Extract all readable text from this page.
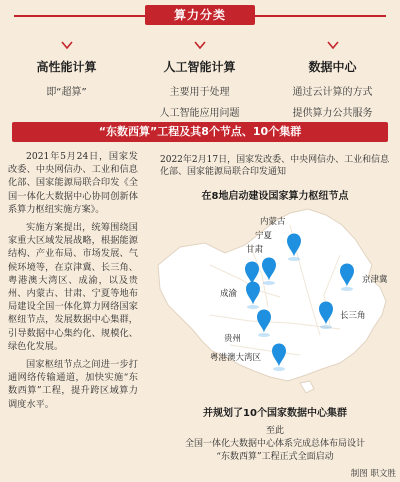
算力分类
高性能计算
即“超算”
人工智能计算
主要用于处理
人工智能应用问题
数据中心
通过云计算的方式
提供算力公共服务
“东数西算”工程及其8个节点、10个集群

2021年5月24日，国家发改委、中央网信办、工业和信息化部、国家能源局联合印发《全国一体化大数据中心协同创新体系算力枢纽实施方案》。

实施方案提出，统筹围绕国家重大区域发展战略，根据能源结构、产业布局、市场发展、气候环境等，在京津冀、长三角、粤港澳大湾区、成渝，以及贵州、内蒙古、甘肃、宁夏等地布局建设全国一体化算力网络国家枢纽节点，发展数据中心集群，引导数据中心集约化、规模化、绿色化发展。

国家枢纽节点之间进一步打通网络传输通道，加快实施“东数西算”工程，提升跨区域算力调度水平。

2022年2月17日，国家发改委、中央网信办、工业和信息化部、国家能源局联合印发通知
在8地启动建设国家算力枢纽节点
内蒙古
宁夏
甘肃
京津冀
成渝
长三角
贵州
粤港澳大湾区
并规划了10个国家数据中心集群
至此
全国一体化大数据中心体系完成总体布局设计
“东数西算”工程正式全面启动
制图 职文胜
